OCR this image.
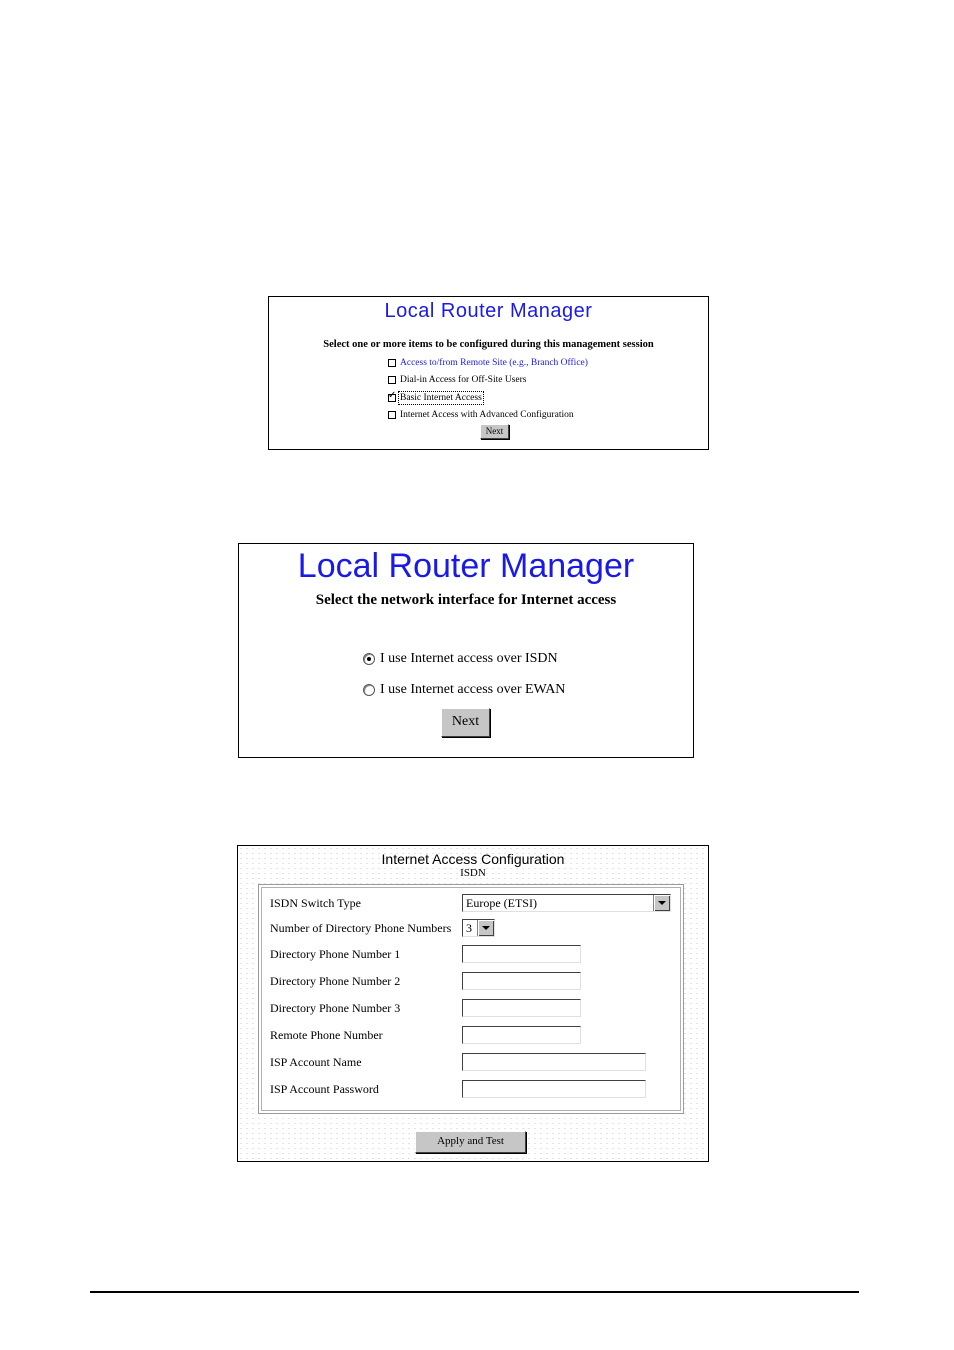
Local Router Manager
Select one or more items to be configured during this management session
Access to/from Remote Site (e.g., Branch Office)
Dial-in Access for Off-Site Users
✓
Basic Internet Access
Internet Access with Advanced Configuration
Next
Local Router Manager
Select the network interface for Internet access
I use Internet access over ISDN
I use Internet access over EWAN
Next
Internet Access Configuration
ISDN
ISDN Switch Type	Europe (ETSI)
Number of Directory Phone Numbers	3
Directory Phone Number 1
Directory Phone Number 2
Directory Phone Number 3
Remote Phone Number
ISP Account Name
ISP Account Password
Apply and Test
